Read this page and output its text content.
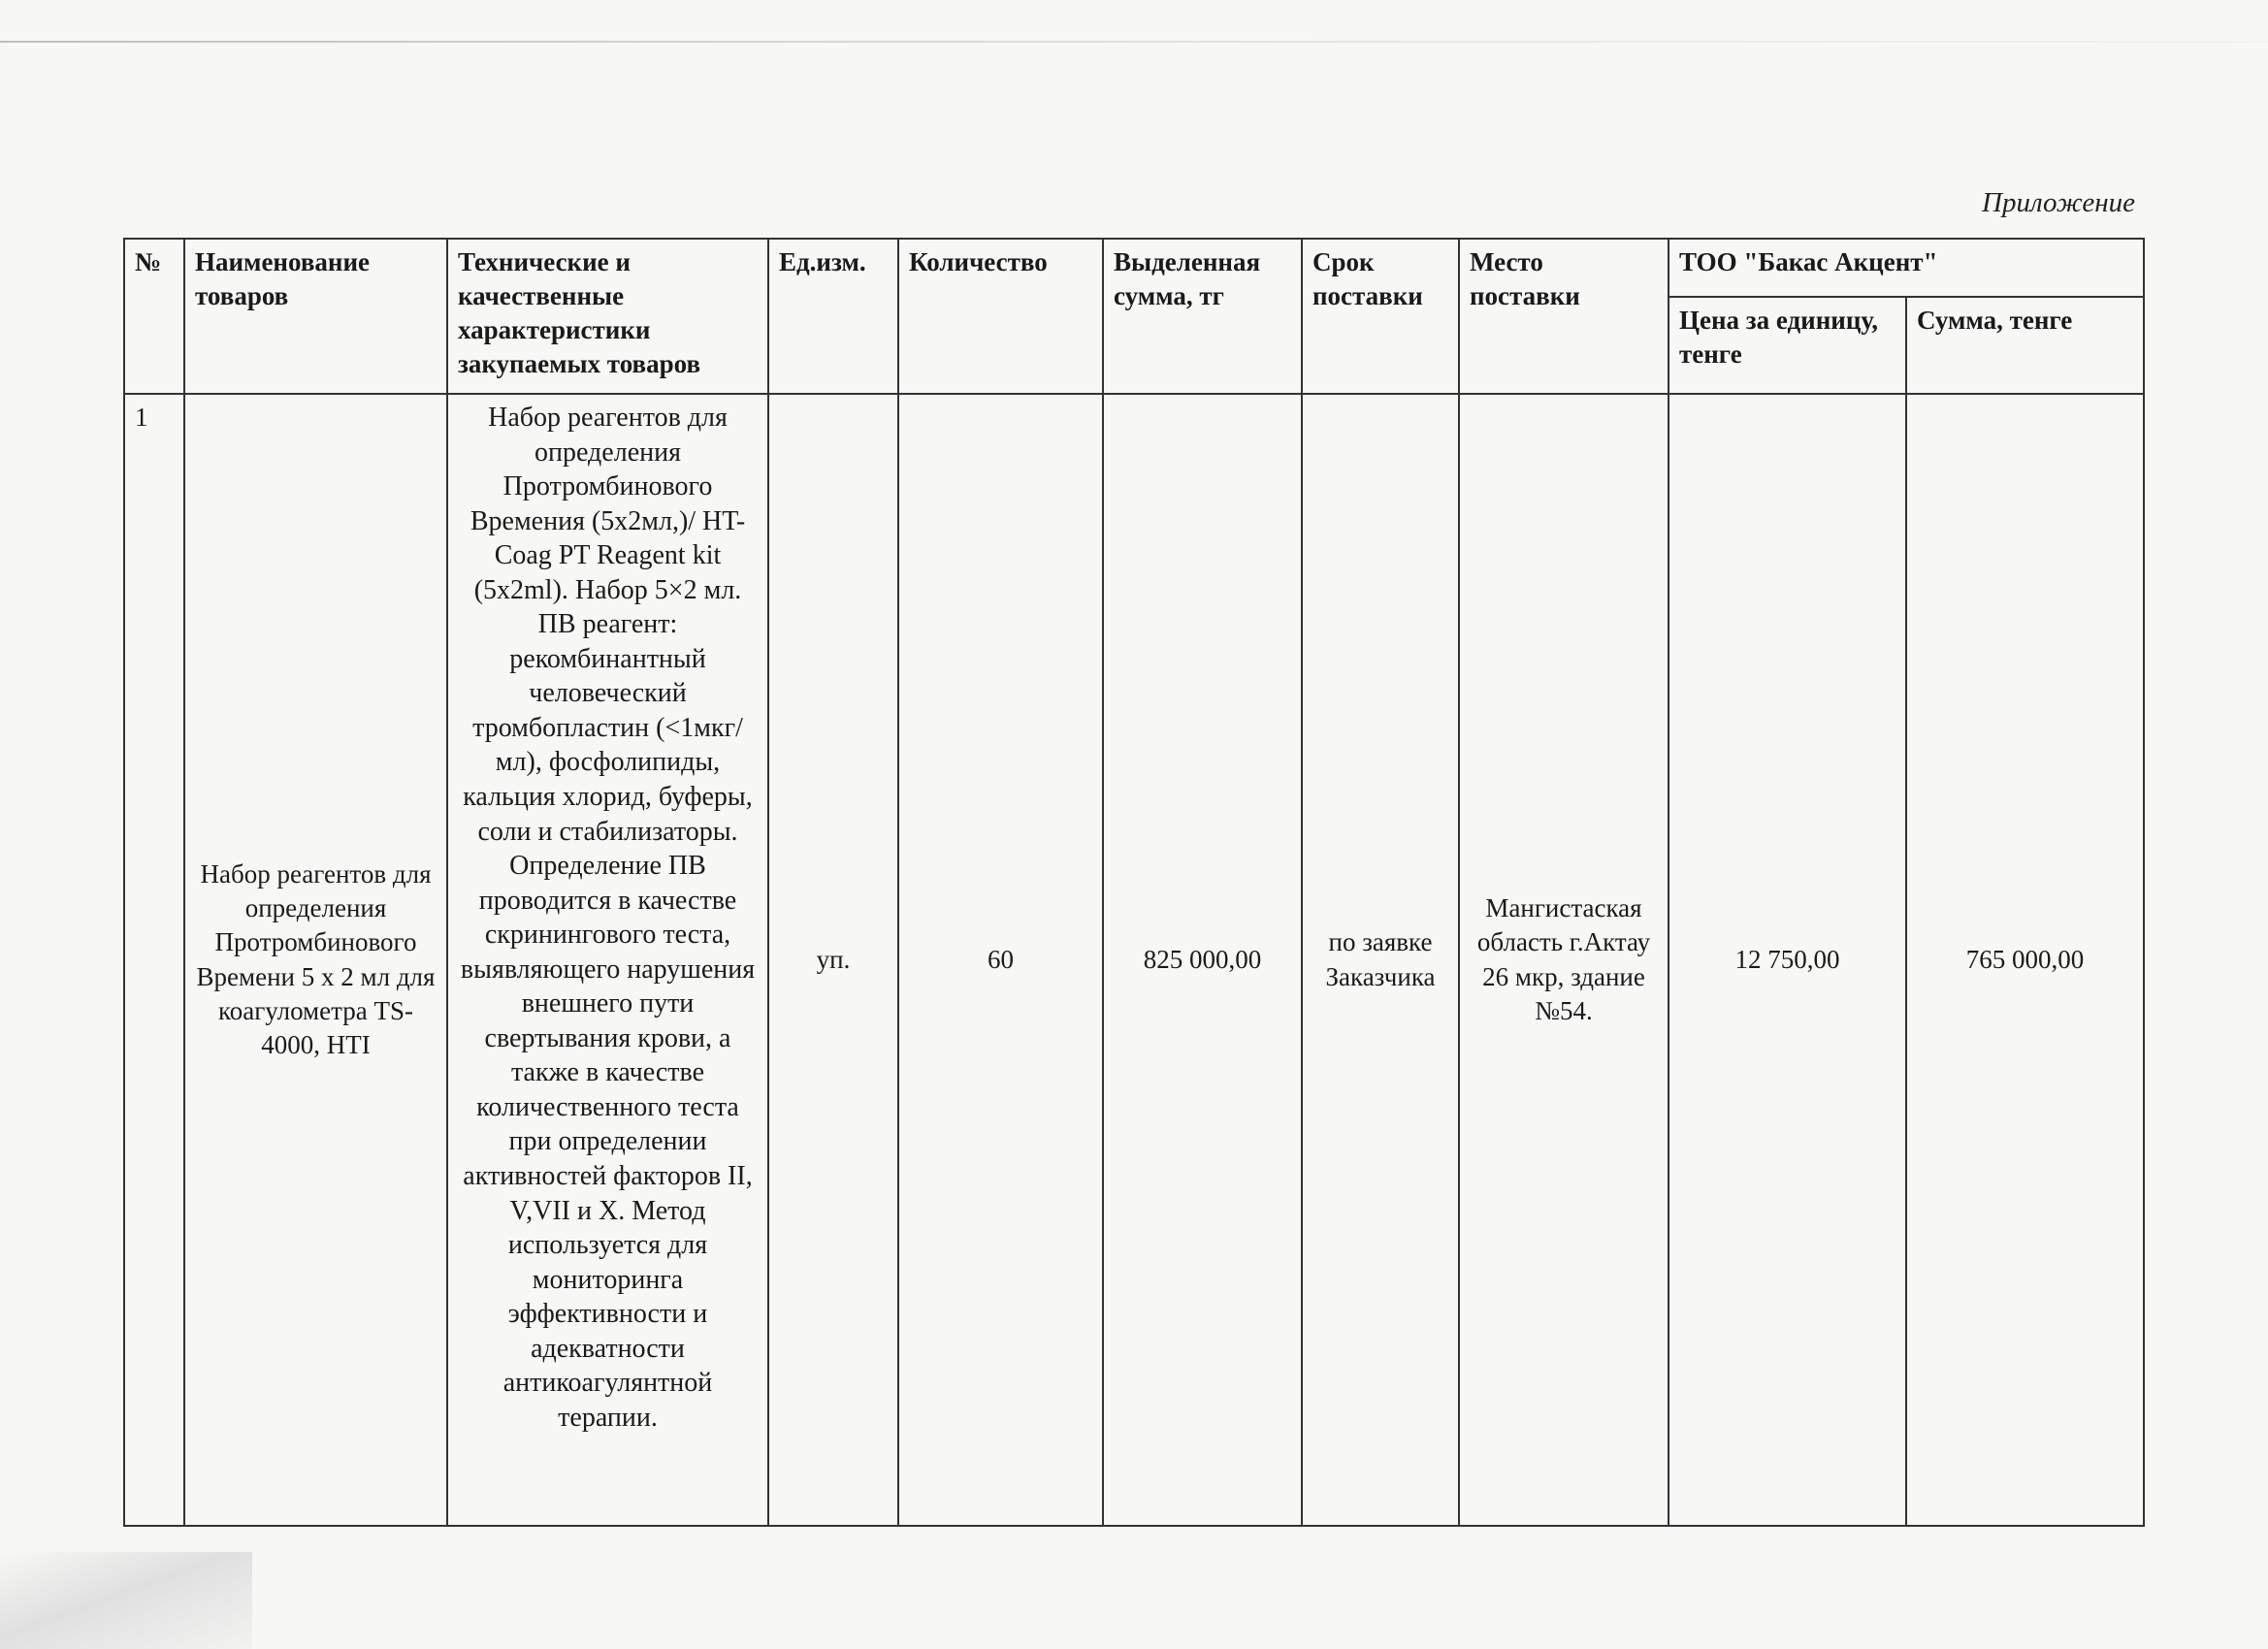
Приложение
№	Наименование товаров	Технические и качественные характеристики закупаемых товаров	Ед.изм.	Количество	Выделенная сумма, тг	Срок поставки	Место поставки	ТОО "Бакас Акцент"	
								Цена за единицу, тенге	Сумма, тенге
1	Набор реагентов для определения Протромбинового Времени 5 х 2 мл для коагулометра TS-4000, HTI	Набор реагентов для определения Протромбинового Времения (5х2мл,)/ HT-Coag PT Reagent kit (5x2ml). Набор 5×2 мл. ПВ реагент: рекомбинантный человеческий тромбопластин (<1мкг/мл), фосфолипиды, кальция хлорид, буферы, соли и стабилизаторы. Определение ПВ проводится в качестве скринингового теста, выявляющего нарушения внешнего пути свертывания крови, а также в качестве количественного теста при определении активностей факторов II, V,VII и Х. Метод используется для мониторинга эффективности и адекватности антикоагулянтной терапии.	уп.	60	825 000,00	по заявке Заказчика	Мангистаская область г.Актау 26 мкр, здание №54.	12 750,00	765 000,00
